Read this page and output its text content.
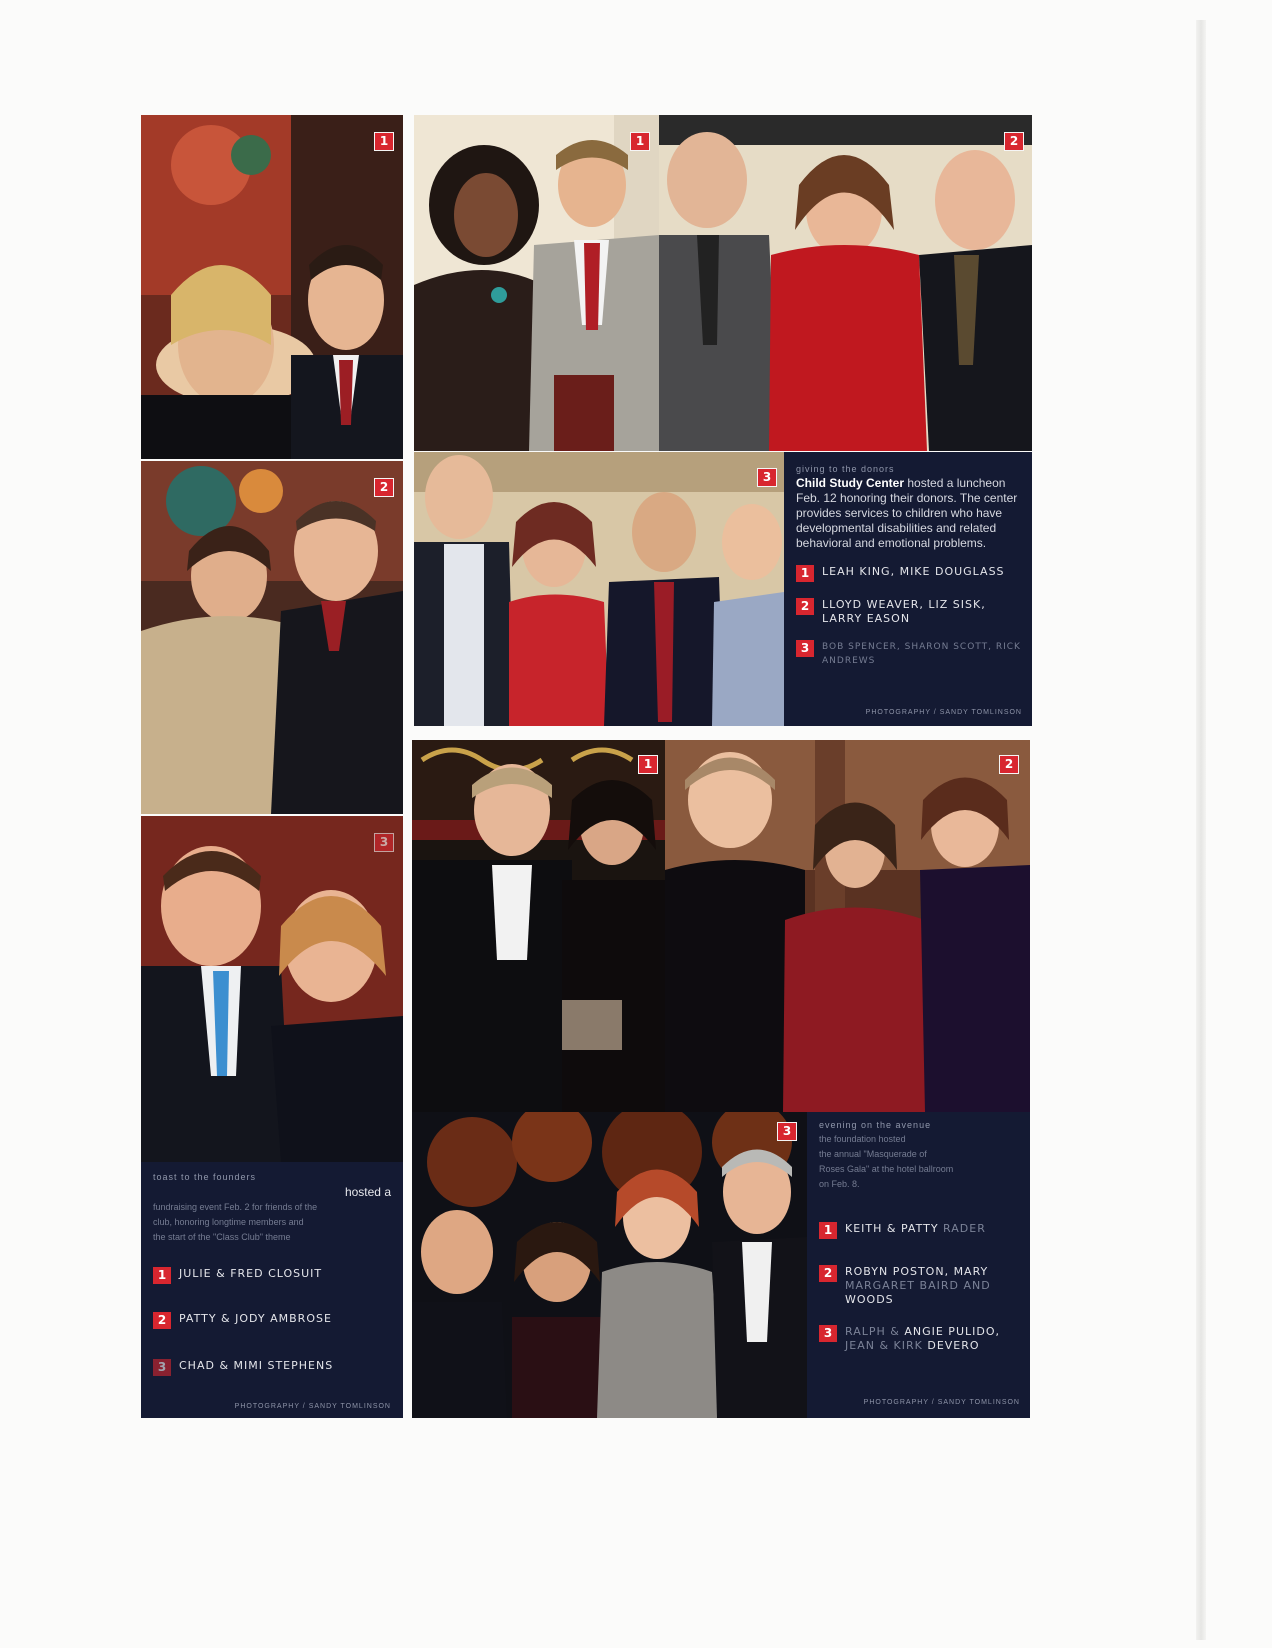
1
2
3
toast to the founders
hosted a
fundraising event Feb. 2 for friends of the
club, honoring longtime members and
the start of the "Class Club" theme
1	JULIE & FRED CLOSUIT
2	PATTY & JODY AMBROSE
3	CHAD & MIMI STEPHENS
PHOTOGRAPHY / SANDY TOMLINSON
1	2
3
giving to the donors
Child Study Center hosted a luncheon Feb. 12 honoring their donors. The center provides services to children who have developmental disabilities and related behavioral and emotional problems.
1	LEAH KING, MIKE DOUGLASS
2	LLOYD WEAVER, LIZ SISK, LARRY EASON
3	BOB SPENCER, SHARON SCOTT, RICK ANDREWS
PHOTOGRAPHY / SANDY TOMLINSON
1	2
3	evening on the avenue
the foundation hosted
the annual "Masquerade of
Roses Gala" at the hotel ballroom
on Feb. 8.
1	KEITH & PATTY RADER
2	ROBYN POSTON, MARY
MARGARET BAIRD AND
WOODS
3	RALPH & ANGIE PULIDO,
JEAN & KIRK DEVERO
PHOTOGRAPHY / SANDY TOMLINSON
